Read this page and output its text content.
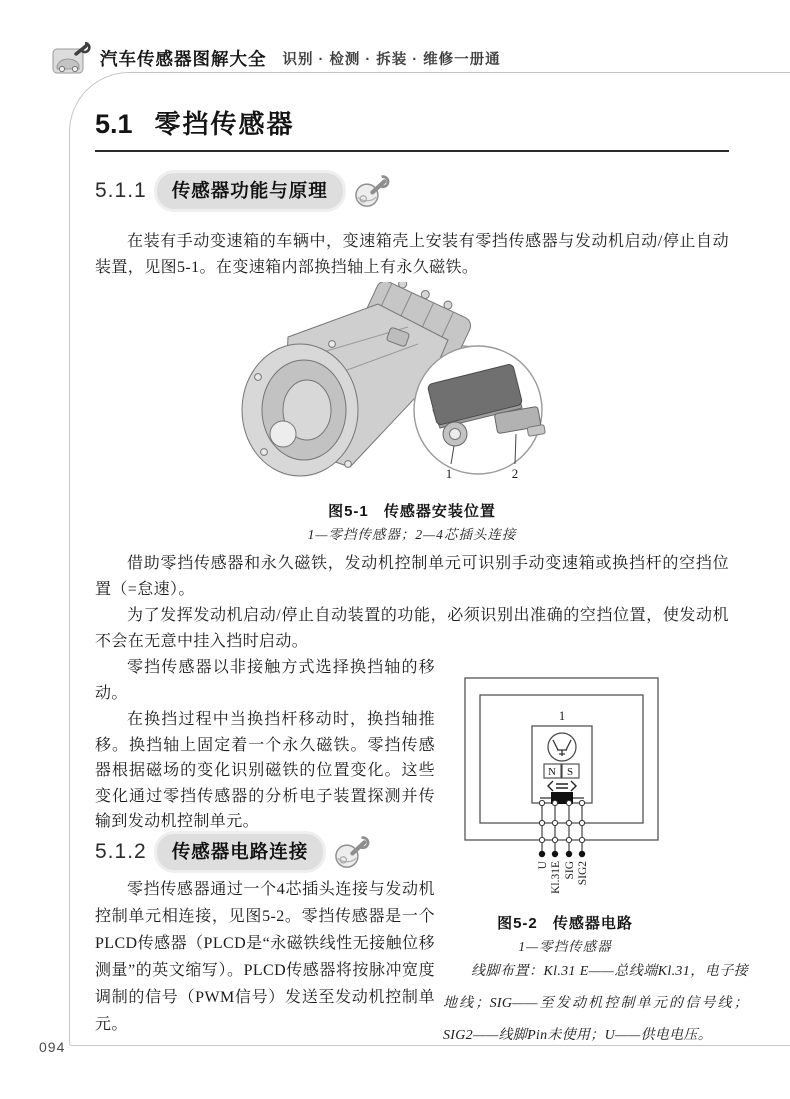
汽车传感器图解大全 识别 · 检测 · 拆装 · 维修一册通
094
5.1 零挡传感器
5.1.1	传感器功能与原理
在装有手动变速箱的车辆中，变速箱壳上安装有零挡传感器与发动机启动/停止自动装置，见图5-1。在变速箱内部换挡轴上有永久磁铁。
1	2
图5-1 传感器安装位置
1—零挡传感器；2—4芯插头连接
借助零挡传感器和永久磁铁，发动机控制单元可识别手动变速箱或换挡杆的空挡位置（=怠速）。
为了发挥发动机启动/停止自动装置的功能，必须识别出准确的空挡位置，使发动机不会在无意中挂入挡时启动。
零挡传感器以非接触方式选择换挡轴的移动。
在换挡过程中当换挡杆移动时，换挡轴推移。换挡轴上固定着一个永久磁铁。零挡传感器根据磁场的变化识别磁铁的位置变化。这些变化通过零挡传感器的分析电子装置探测并传输到发动机控制单元。
5.1.2	传感器电路连接
零挡传感器通过一个4芯插头连接与发动机控制单元相连接，见图5-2。零挡传感器是一个PLCD传感器（PLCD是“永磁铁线性无接触位移测量”的英文缩写）。PLCD传感器将按脉冲宽度调制的信号（PWM信号）发送至发动机控制单元。
1
N S
U Kl.31E SIG SIG2
图5-2 传感器电路
1—零挡传感器
线脚布置：Kl.31 E——总线端Kl.31，电子接地线；SIG——至发动机控制单元的信号线；SIG2——线脚Pin未使用；U——供电电压。
